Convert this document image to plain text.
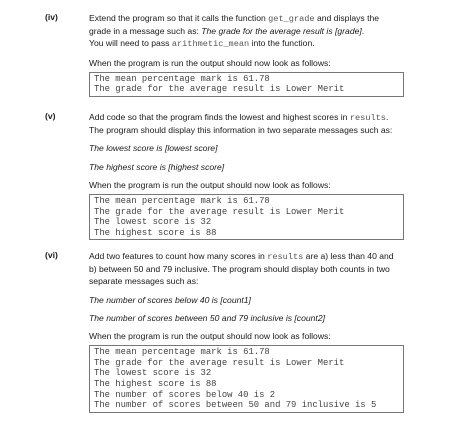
(iv)	Extend the program so that it calls the function get_grade and displays the

grade in a message such as: The grade for the average result is [grade].

You will need to pass arithmetic_mean into the function.

When the program is run the output should now look as follows:

The mean percentage mark is 61.78
The grade for the average result is Lower Merit
(v)	Add code so that the program finds the lowest and highest scores in results.

The program should display this information in two separate messages such as:

The lowest score is [lowest score]

The highest score is [highest score]

When the program is run the output should now look as follows:

The mean percentage mark is 61.78
The grade for the average result is Lower Merit
The lowest score is 32
The highest score is 88
(vi)	Add two features to count how many scores in results are a) less than 40 and

b) between 50 and 79 inclusive. The program should display both counts in two

separate messages such as:

The number of scores below 40 is [count1]

The number of scores between 50 and 79 inclusive is [count2]

When the program is run the output should now look as follows:

The mean percentage mark is 61.78
The grade for the average result is Lower Merit
The lowest score is 32
The highest score is 88
The number of scores below 40 is 2
The number of scores between 50 and 79 inclusive is 5
